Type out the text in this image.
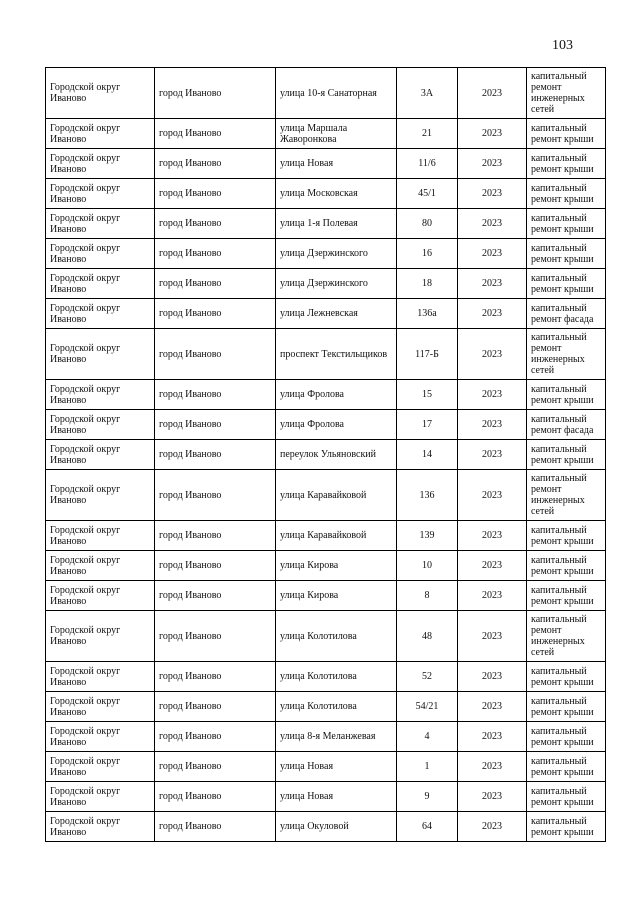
103
Городской округ Иваново	город Иваново	улица 10-я Санаторная	3А	2023	капитальный ремонт инженерных сетей
Городской округ Иваново	город Иваново	улица Маршала Жаворонкова	21	2023	капитальный ремонт крыши
Городской округ Иваново	город Иваново	улица Новая	11/6	2023	капитальный ремонт крыши
Городской округ Иваново	город Иваново	улица Московская	45/1	2023	капитальный ремонт крыши
Городской округ Иваново	город Иваново	улица 1-я Полевая	80	2023	капитальный ремонт крыши
Городской округ Иваново	город Иваново	улица Дзержинского	16	2023	капитальный ремонт крыши
Городской округ Иваново	город Иваново	улица Дзержинского	18	2023	капитальный ремонт крыши
Городской округ Иваново	город Иваново	улица Лежневская	136а	2023	капитальный ремонт фасада
Городской округ Иваново	город Иваново	проспект Текстильщиков	117-Б	2023	капитальный ремонт инженерных сетей
Городской округ Иваново	город Иваново	улица Фролова	15	2023	капитальный ремонт крыши
Городской округ Иваново	город Иваново	улица Фролова	17	2023	капитальный ремонт фасада
Городской округ Иваново	город Иваново	переулок Ульяновский	14	2023	капитальный ремонт крыши
Городской округ Иваново	город Иваново	улица Каравайковой	136	2023	капитальный ремонт инженерных сетей
Городской округ Иваново	город Иваново	улица Каравайковой	139	2023	капитальный ремонт крыши
Городской округ Иваново	город Иваново	улица Кирова	10	2023	капитальный ремонт крыши
Городской округ Иваново	город Иваново	улица Кирова	8	2023	капитальный ремонт крыши
Городской округ Иваново	город Иваново	улица Колотилова	48	2023	капитальный ремонт инженерных сетей
Городской округ Иваново	город Иваново	улица Колотилова	52	2023	капитальный ремонт крыши
Городской округ Иваново	город Иваново	улица Колотилова	54/21	2023	капитальный ремонт крыши
Городской округ Иваново	город Иваново	улица 8-я Меланжевая	4	2023	капитальный ремонт крыши
Городской округ Иваново	город Иваново	улица Новая	1	2023	капитальный ремонт крыши
Городской округ Иваново	город Иваново	улица Новая	9	2023	капитальный ремонт крыши
Городской округ Иваново	город Иваново	улица Окуловой	64	2023	капитальный ремонт крыши
